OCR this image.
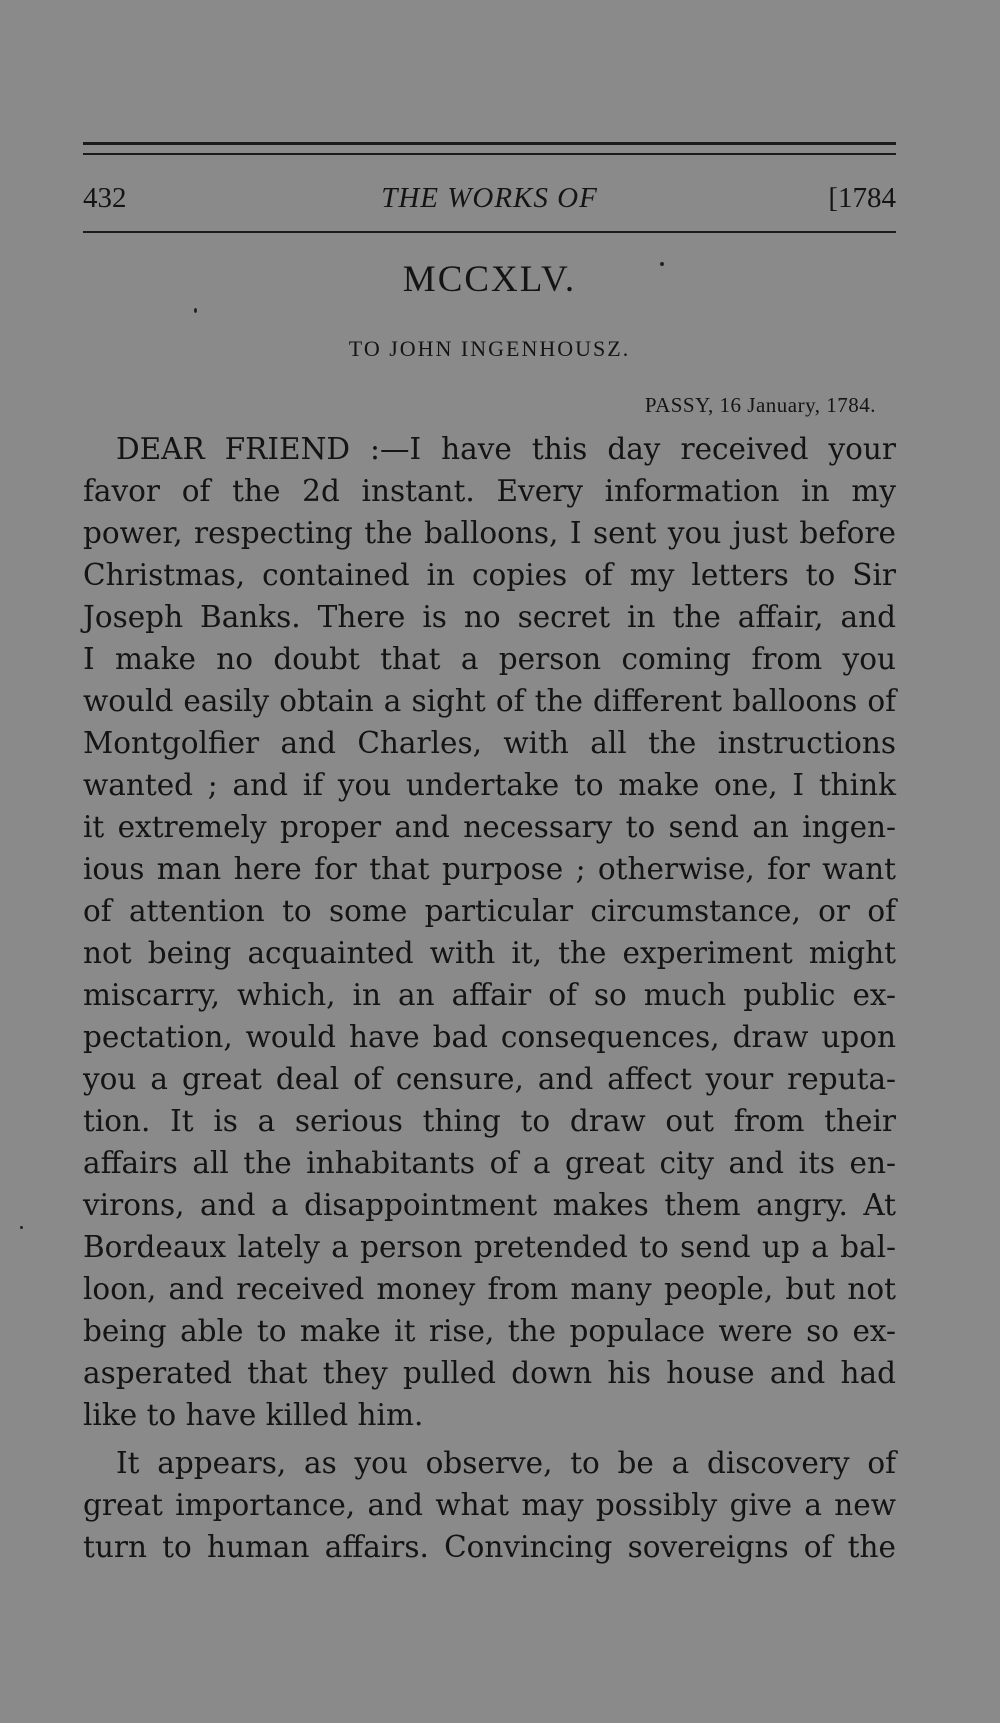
432	THE WORKS OF	[1784
MCCXLV.
TO JOHN INGENHOUSZ.
PASSY, 16 January, 1784.
DEAR FRIEND :—I have this day received your
favor of the 2d instant. Every information in my
power, respecting the balloons, I sent you just before
Christmas, contained in copies of my letters to Sir
Joseph Banks. There is no secret in the affair, and
I make no doubt that a person coming from you
would easily obtain a sight of the different balloons of
Montgolfier and Charles, with all the instructions
wanted ; and if you undertake to make one, I think
it extremely proper and necessary to send an ingen-
ious man here for that purpose ; otherwise, for want
of attention to some particular circumstance, or of
not being acquainted with it, the experiment might
miscarry, which, in an affair of so much public ex-
pectation, would have bad consequences, draw upon
you a great deal of censure, and affect your reputa-
tion. It is a serious thing to draw out from their
affairs all the inhabitants of a great city and its en-
virons, and a disappointment makes them angry. At
Bordeaux lately a person pretended to send up a bal-
loon, and received money from many people, but not
being able to make it rise, the populace were so ex-
asperated that they pulled down his house and had
like to have killed him.
It appears, as you observe, to be a discovery of
great importance, and what may possibly give a new
turn to human affairs. Convincing sovereigns of the
